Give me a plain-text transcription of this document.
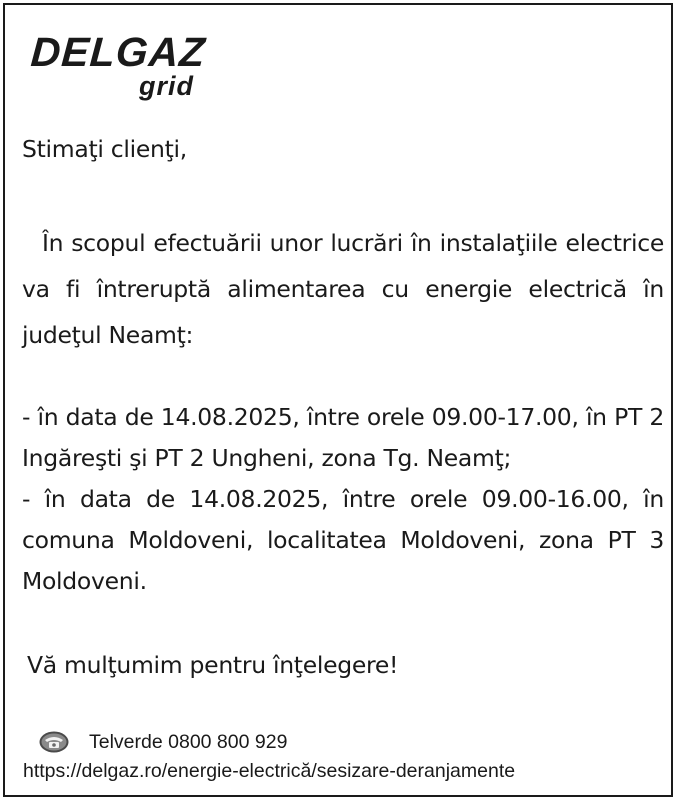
DELGAZ
grid

Stimaţi clienţi,

În scopul efectuării unor lucrări în instalaţiile electrice va fi întreruptă alimentarea cu energie electrică în judeţul Neamţ:

- în data de 14.08.2025, între orele 09.00-17.00, în PT 2 Ingăreşti şi PT 2 Ungheni, zona Tg. Neamţ;

- în data de 14.08.2025, între orele 09.00-16.00, în comuna Moldoveni, localitatea Moldoveni, zona PT 3 Moldoveni.

Vă mulţumim pentru înţelegere!

Telverde 0800 800 929
https://delgaz.ro/energie-electrică/sesizare-deranjamente
